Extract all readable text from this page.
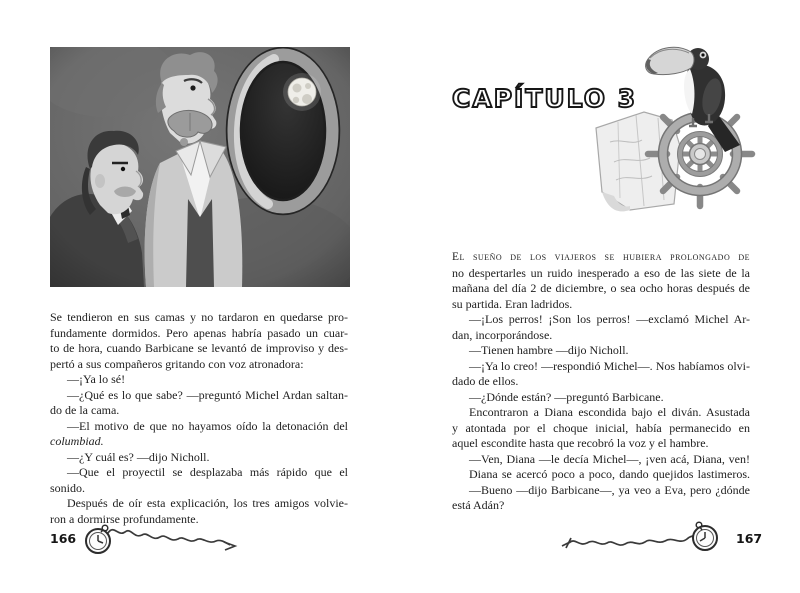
Se tendieron en sus camas y no tardaron en quedarse pro-
fundamente dormidos. Pero apenas habría pasado un cuar-
to de hora, cuando Barbicane se levantó de improviso y des-
pertó a sus compañeros gritando con voz atronadora:
—¡Ya lo sé!
—¿Qué es lo que sabe? —preguntó Michel Ardan saltan-
do de la cama.
—El motivo de que no hayamos oído la detonación del
columbiad.
—¿Y cuál es? —dijo Nicholl.
—Que el proyectil se desplazaba más rápido que el sonido.
Después de oír esta explicación, los tres amigos volvie-
ron a dormirse profundamente.
166
CAPÍTULO 3
El sueño de los viajeros se hubiera prolongado de
no despertarles un ruido inesperado a eso de las siete de la
mañana del día 2 de diciembre, o sea ocho horas después de
su partida. Eran ladridos.
—¡Los perros! ¡Son los perros! —exclamó Michel Ar-
dan, incorporándose.
—Tienen hambre —dijo Nicholl.
—¡Ya lo creo! —respondió Michel—. Nos habíamos olvi-
dado de ellos.
—¿Dónde están? —preguntó Barbicane.
Encontraron a Diana escondida bajo el diván. Asustada
y atontada por el choque inicial, había permanecido en
aquel escondite hasta que recobró la voz y el hambre.
—Ven, Diana —le decía Michel—, ¡ven acá, Diana, ven!
Diana se acercó poco a poco, dando quejidos lastimeros.
—Bueno —dijo Barbicane—, ya veo a Eva, pero ¿dónde
está Adán?
167
